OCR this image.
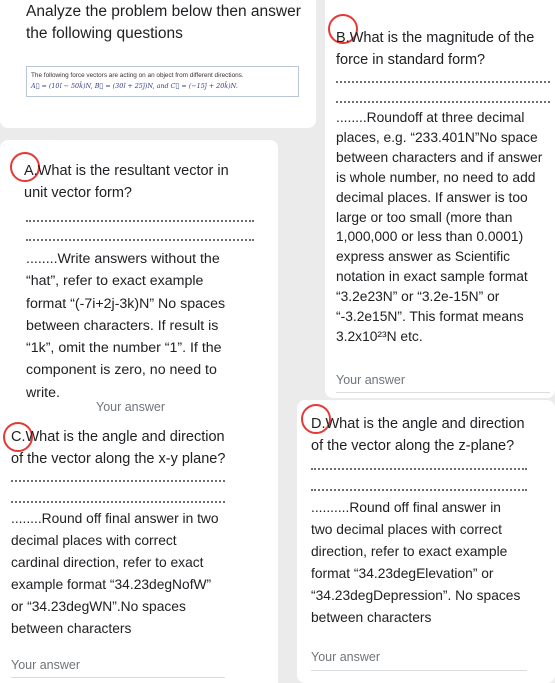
Analyze the problem below then answer
the following questions
The following force vectors are acting on an object from different directions.
A⃗ = (10î − 50k̂)N, B⃗ = (30î + 25ĵ)N, and C⃗ = (−15ĵ + 20k̂)N.
A.What is the resultant vector in
unit vector form?
........Write answers without the
“hat”, refer to exact example
format “(-7i+2j-3k)N” No spaces
between characters. If result is
“1k”, omit the number “1”. If the
component is zero, no need to
write.
Your answer
B.What is the magnitude of the
force in standard form?
........Roundoff at three decimal
places, e.g. “233.401N”No space
between characters and if answer
is whole number, no need to add
decimal places. If answer is too
large or too small (more than
1,000,000 or less than 0.0001)
express answer as Scientific
notation in exact sample format
“3.2e23N” or “3.2e-15N” or
“-3.2e15N”. This format means
3.2x10²³N etc.
Your answer
C.What is the angle and direction
of the vector along the x-y plane?
........Round off final answer in two
decimal places with correct
cardinal direction, refer to exact
example format “34.23degNofW”
or “34.23degWN”.No spaces
between characters
Your answer
D.What is the angle and direction
of the vector along the z-plane?
..........Round off final answer in
two decimal places with correct
direction, refer to exact example
format “34.23degElevation” or
“34.23degDepression”. No spaces
between characters
Your answer
